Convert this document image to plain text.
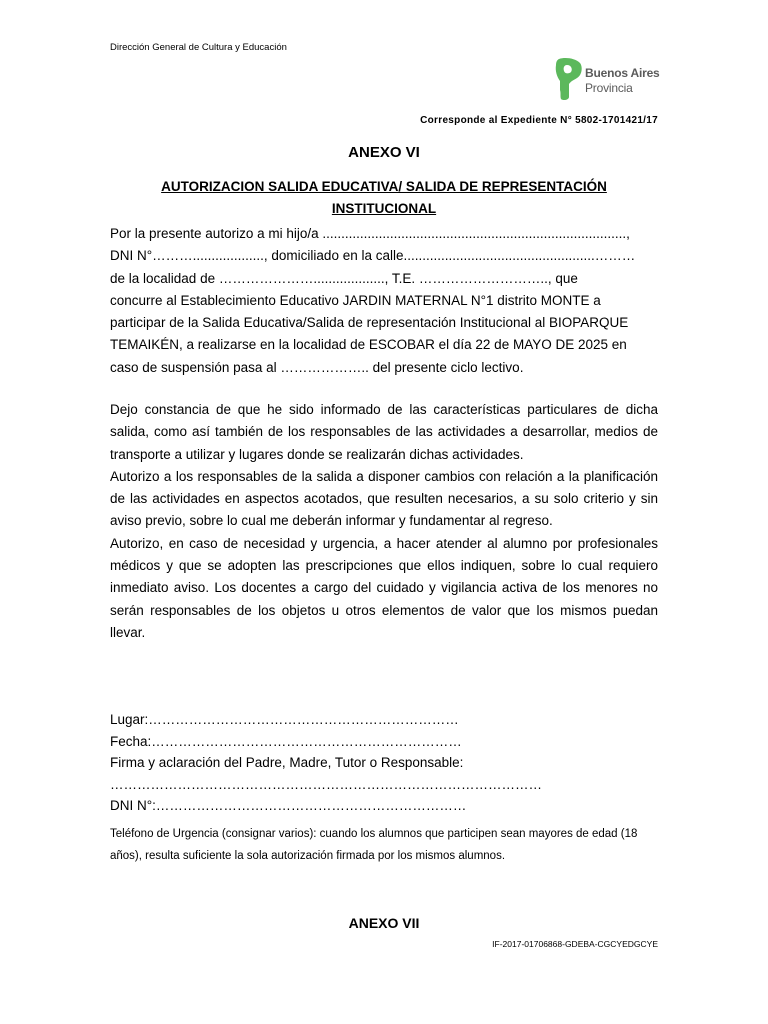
Dirección General de Cultura y Educación
Buenos Aires
Provincia
Corresponde al Expediente N° 5802-1701421/17
ANEXO VI
AUTORIZACION SALIDA EDUCATIVA/ SALIDA DE REPRESENTACIÓN
INSTITUCIONAL

Por la presente autorizo a mi hijo/a .................................................................................,

DNI N°………..................., domiciliado en la calle...................................................………

de la localidad de …………………..................., T.E. ……………………….., que

concurre al Establecimiento Educativo JARDIN MATERNAL N°1 distrito MONTE a

participar de la Salida Educativa/Salida de representación Institucional al BIOPARQUE

TEMAIKÉN, a realizarse en la localidad de ESCOBAR el día 22 de MAYO DE 2025 en

caso de suspensión pasa al ……………….. del presente ciclo lectivo.

Dejo constancia de que he sido informado de las características particulares de dicha salida, como así también de los responsables de las actividades a desarrollar, medios de transporte a utilizar y lugares donde se realizarán dichas actividades.

Autorizo a los responsables de la salida a disponer cambios con relación a la planificación de las actividades en aspectos acotados, que resulten necesarios, a su solo criterio y sin aviso previo, sobre lo cual me deberán informar y fundamentar al regreso.

Autorizo, en caso de necesidad y urgencia, a hacer atender al alumno por profesionales médicos y que se adopten las prescripciones que ellos indiquen, sobre lo cual requiero inmediato aviso. Los docentes a cargo del cuidado y vigilancia activa de los menores no serán responsables de los objetos u otros elementos de valor que los mismos puedan llevar.

Lugar:……………………………………………………………

Fecha:……………………………………………………………

Firma y aclaración del Padre, Madre, Tutor o Responsable:

……………………………………………………………………………………

DNI N°:……………………………………………………………

Teléfono de Urgencia (consignar varios): cuando los alumnos que participen sean mayores de edad (18 años), resulta suficiente la sola autorización firmada por los mismos alumnos.
ANEXO VII
IF-2017-01706868-GDEBA-CGCYEDGCYE
